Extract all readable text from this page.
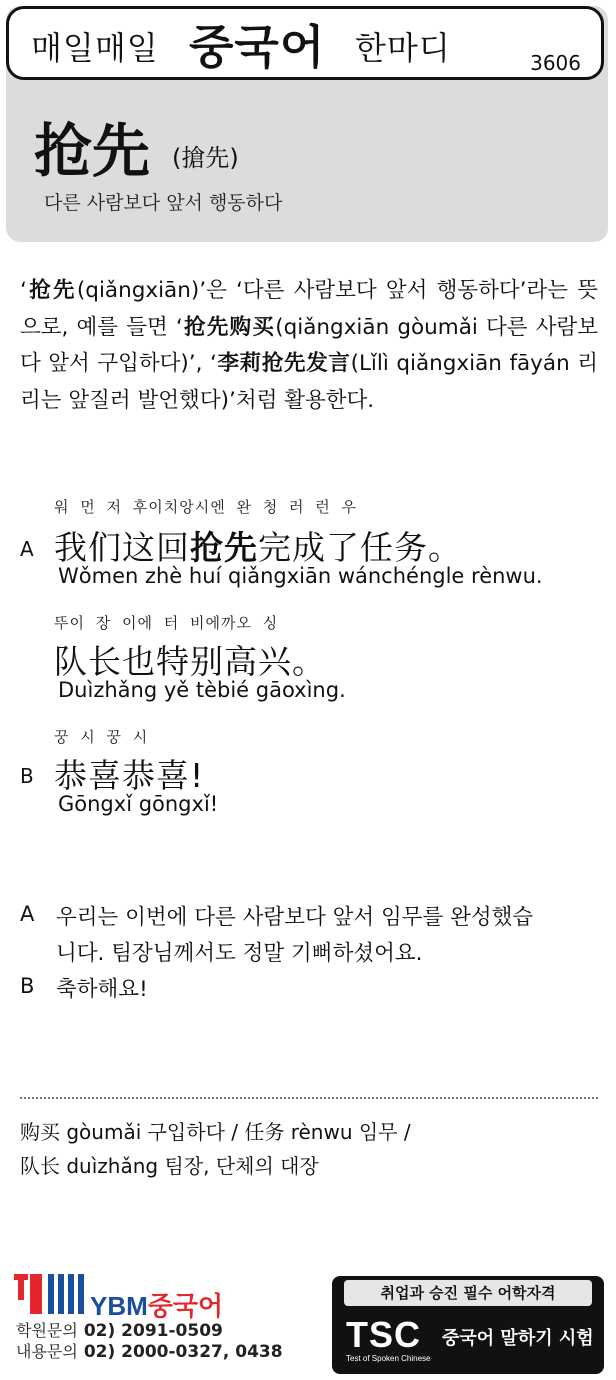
매일매일 중국어 한마디	3606
抢先 (搶先)
다른 사람보다 앞서 행동하다
‘抢先(qiǎngxiān)’은 ‘다른 사람보다 앞서 행동하다’라는 뜻으로, 예를 들면 ‘抢先购买(qiǎngxiān gòumǎi 다른 사람보다 앞서 구입하다)’, ‘李莉抢先发言(Lǐlì qiǎngxiān fāyán 리리는 앞질러 발언했다)’처럼 활용한다.
워 먼 저 후이치앙시엔 완 청 러 런 우
A 我们这回抢先完成了任务。
Wǒmen zhè huí qiǎngxiān wánchéngle rènwu.
뚜이 장 이에 터 비에까오 싱
队长也特别高兴。
Duìzhǎng yě tèbié gāoxìng.
꿍 시 꿍 시
B 恭喜恭喜!
Gōngxǐ gōngxǐ!
A 우리는 이번에 다른 사람보다 앞서 임무를 완성했습
니다. 팀장님께서도 정말 기뻐하셨어요.
B 축하해요!
购买 gòumǎi 구입하다 / 任务 rènwu 임무 /
队长 duìzhǎng 팀장, 단체의 대장
YBM중국어
학원문의 02) 2091-0509
내용문의 02) 2000-0327, 0438
취업과 승진 필수 어학자격
TSC
Test of Spoken Chinese
중국어 말하기 시험
